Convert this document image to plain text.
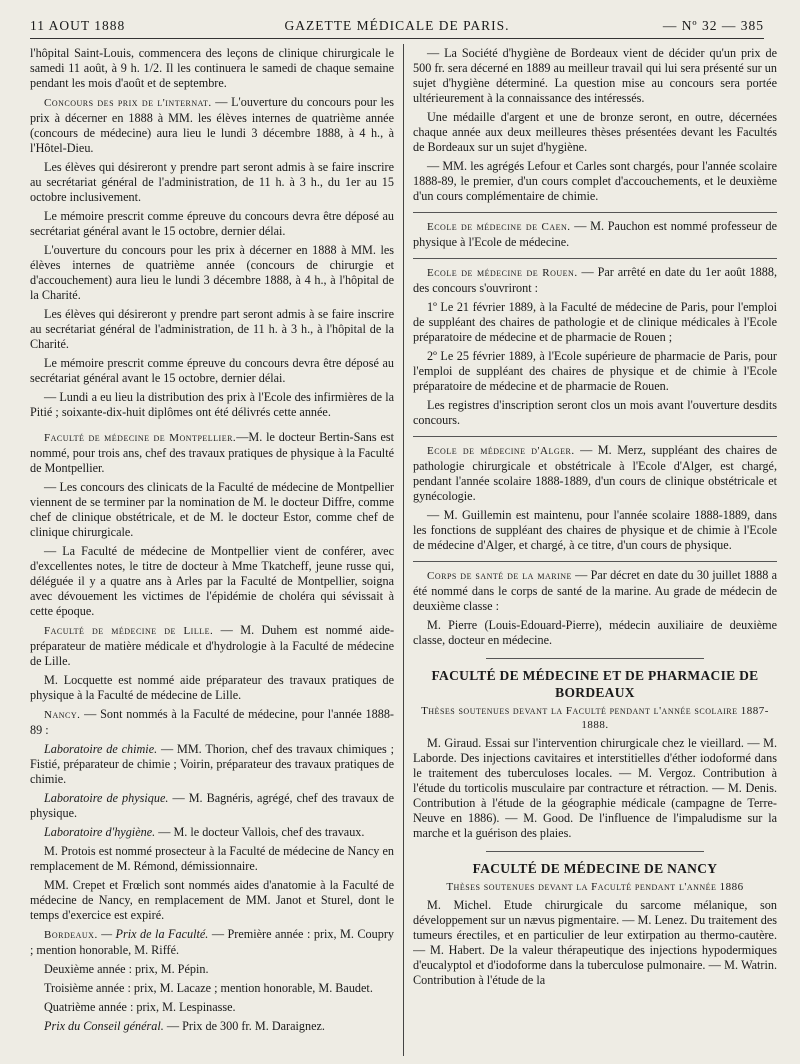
11 AOUT 1888	GAZETTE MÉDICALE DE PARIS.	— Nº 32 — 385

l'hôpital Saint-Louis, commencera des leçons de clinique chirurgicale le samedi 11 août, à 9 h. 1/2. Il les continuera le samedi de chaque semaine pendant les mois d'août et de septembre.

Concours des prix de l'internat. — L'ouverture du concours pour les prix à décerner en 1888 à MM. les élèves internes de quatrième année (concours de médecine) aura lieu le lundi 3 décembre 1888, à 4 h., à l'Hôtel-Dieu.

Les élèves qui désireront y prendre part seront admis à se faire inscrire au secrétariat général de l'administration, de 11 h. à 3 h., du 1er au 15 octobre inclusivement.

Le mémoire prescrit comme épreuve du concours devra être déposé au secrétariat général avant le 15 octobre, dernier délai.

L'ouverture du concours pour les prix à décerner en 1888 à MM. les élèves internes de quatrième année (concours de chirurgie et d'accouchement) aura lieu le lundi 3 décembre 1888, à 4 h., à l'hôpital de la Charité.

Les élèves qui désireront y prendre part seront admis à se faire inscrire au secrétariat général de l'administration, de 11 h. à 3 h., à l'hôpital de la Charité.

Le mémoire prescrit comme épreuve du concours devra être déposé au secrétariat général avant le 15 octobre, dernier délai.

— Lundi a eu lieu la distribution des prix à l'Ecole des infirmières de la Pitié ; soixante-dix-huit diplômes ont été délivrés cette année.

Faculté de médecine de Montpellier.—M. le docteur Bertin-Sans est nommé, pour trois ans, chef des travaux pratiques de physique à la Faculté de Montpellier.

— Les concours des clinicats de la Faculté de médecine de Montpellier viennent de se terminer par la nomination de M. le docteur Diffre, comme chef de clinique obstétricale, et de M. le docteur Estor, comme chef de clinique chirurgicale.

— La Faculté de médecine de Montpellier vient de conférer, avec d'excellentes notes, le titre de docteur à Mme Tkatcheff, jeune russe qui, déléguée il y a quatre ans à Arles par la Faculté de Montpellier, soigna avec dévouement les victimes de l'épidémie de choléra qui sévissait à cette époque.

Faculté de médecine de Lille. — M. Duhem est nommé aide-préparateur de matière médicale et d'hydrologie à la Faculté de médecine de Lille.

M. Locquette est nommé aide préparateur des travaux pratiques de physique à la Faculté de médecine de Lille.

Nancy. — Sont nommés à la Faculté de médecine, pour l'année 1888-89 :

Laboratoire de chimie. — MM. Thorion, chef des travaux chimiques ; Fistié, préparateur de chimie ; Voirin, préparateur des travaux pratiques de chimie.

Laboratoire de physique. — M. Bagnéris, agrégé, chef des travaux de physique.

Laboratoire d'hygiène. — M. le docteur Vallois, chef des travaux.

M. Protois est nommé prosecteur à la Faculté de médecine de Nancy en remplacement de M. Rémond, démissionnaire.

MM. Crepet et Frœlich sont nommés aides d'anatomie à la Faculté de médecine de Nancy, en remplacement de MM. Janot et Sturel, dont le temps d'exercice est expiré.

Bordeaux. — Prix de la Faculté. — Première année : prix, M. Coupry ; mention honorable, M. Riffé.

Deuxième année : prix, M. Pépin.

Troisième année : prix, M. Lacaze ; mention honorable, M. Baudet.

Quatrième année : prix, M. Lespinasse.

Prix du Conseil général. — Prix de 300 fr. M. Daraignez.

— La Société d'hygiène de Bordeaux vient de décider qu'un prix de 500 fr. sera décerné en 1889 au meilleur travail qui lui sera présenté sur un sujet d'hygiène déterminé. La question mise au concours sera portée ultérieurement à la connaissance des intéressés.

Une médaille d'argent et une de bronze seront, en outre, décernées chaque année aux deux meilleures thèses présentées devant les Facultés de Bordeaux sur un sujet d'hygiène.

— MM. les agrégés Lefour et Carles sont chargés, pour l'année scolaire 1888-89, le premier, d'un cours complet d'accouchements, et le deuxième d'un cours complémentaire de chimie.

Ecole de médecine de Caen. — M. Pauchon est nommé professeur de physique à l'Ecole de médecine.

Ecole de médecine de Rouen. — Par arrêté en date du 1er août 1888, des concours s'ouvriront :

1º Le 21 février 1889, à la Faculté de médecine de Paris, pour l'emploi de suppléant des chaires de pathologie et de clinique médicales à l'Ecole préparatoire de médecine et de pharmacie de Rouen ;

2º Le 25 février 1889, à l'Ecole supérieure de pharmacie de Paris, pour l'emploi de suppléant des chaires de physique et de chimie à l'Ecole préparatoire de médecine et de pharmacie de Rouen.

Les registres d'inscription seront clos un mois avant l'ouverture desdits concours.

Ecole de médecine d'Alger. — M. Merz, suppléant des chaires de pathologie chirurgicale et obstétricale à l'Ecole d'Alger, est chargé, pendant l'année scolaire 1888-1889, d'un cours de clinique obstétricale et gynécologie.

— M. Guillemin est maintenu, pour l'année scolaire 1888-1889, dans les fonctions de suppléant des chaires de physique et de chimie à l'Ecole de médecine d'Alger, et chargé, à ce titre, d'un cours de physique.

Corps de santé de la marine — Par décret en date du 30 juillet 1888 a été nommé dans le corps de santé de la marine. Au grade de médecin de deuxième classe :

M. Pierre (Louis-Edouard-Pierre), médecin auxiliaire de deuxième classe, docteur en médecine.

FACULTÉ DE MÉDECINE ET DE PHARMACIE DE BORDEAUX
Thèses soutenues devant la Faculté pendant l'année scolaire 1887-1888.

M. Giraud. Essai sur l'intervention chirurgicale chez le vieillard. — M. Laborde. Des injections cavitaires et interstitielles d'éther iodoformé dans le traitement des tuberculoses locales. — M. Vergoz. Contribution à l'étude du torticolis musculaire par contracture et rétraction. — M. Denis. Contribution à l'étude de la géographie médicale (campagne de Terre-Neuve en 1886). — M. Good. De l'influence de l'impaludisme sur la marche et la guérison des plaies.

FACULTÉ DE MÉDECINE DE NANCY
Thèses soutenues devant la Faculté pendant l'année 1886

M. Michel. Etude chirurgicale du sarcome mélanique, son développement sur un nævus pigmentaire. — M. Lenez. Du traitement des tumeurs érectiles, et en particulier de leur extirpation au thermo-cautère. — M. Habert. De la valeur thérapeutique des injections hypodermiques d'eucalyptol et d'iodoforme dans la tuberculose pulmonaire. — M. Watrin. Contribution à l'étude de la
